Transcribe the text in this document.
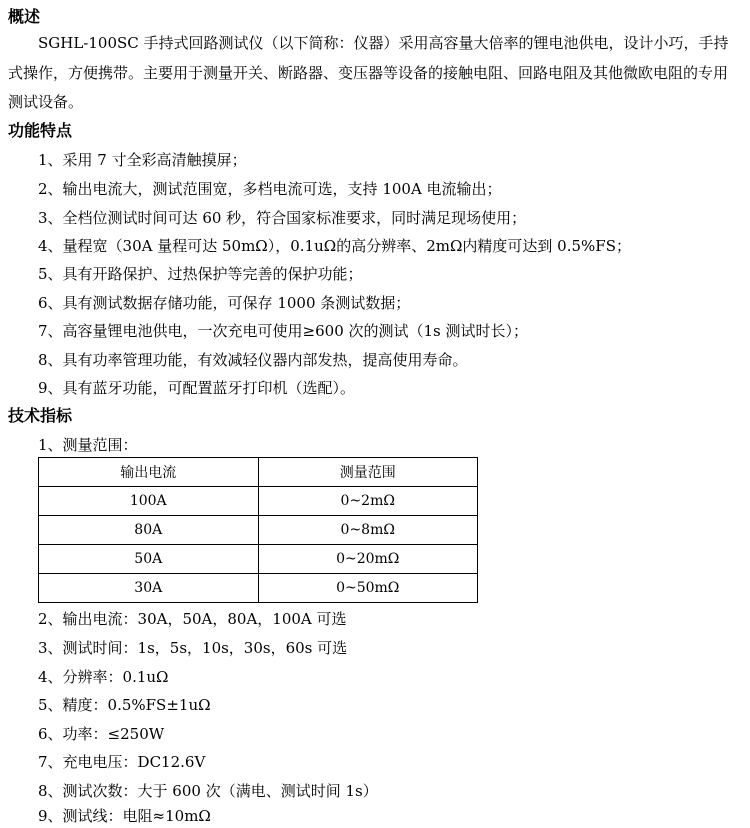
概述

SGHL-100SC 手持式回路测试仪（以下简称：仪器）采用高容量大倍率的锂电池供电，设计小巧，手持式操作，方便携带。主要用于测量开关、断路器、变压器等设备的接触电阻、回路电阻及其他微欧电阻的专用测试设备。

功能特点
1、采用 7 寸全彩高清触摸屏；
2、输出电流大，测试范围宽，多档电流可选，支持 100A 电流输出；
3、全档位测试时间可达 60 秒，符合国家标准要求，同时满足现场使用；
4、量程宽（30A 量程可达 50mΩ），0.1uΩ的高分辨率、2mΩ内精度可达到 0.5%FS；
5、具有开路保护、过热保护等完善的保护功能；
6、具有测试数据存储功能，可保存 1000 条测试数据；
7、高容量锂电池供电，一次充电可使用≥600 次的测试（1s 测试时长）；
8、具有功率管理功能，有效减轻仪器内部发热，提高使用寿命。
9、具有蓝牙功能，可配置蓝牙打印机（选配）。
技术指标
1、测量范围：
输出电流	测量范围
100A	0~2mΩ
80A	0~8mΩ
50A	0~20mΩ
30A	0~50mΩ
2、输出电流：30A，50A，80A，100A 可选
3、测试时间：1s，5s，10s，30s，60s 可选
4、分辨率：0.1uΩ
5、精度：0.5%FS±1uΩ
6、功率：≤250W
7、充电电压：DC12.6V
8、测试次数：大于 600 次（满电、测试时间 1s）
9、测试线：电阻≈10mΩ
